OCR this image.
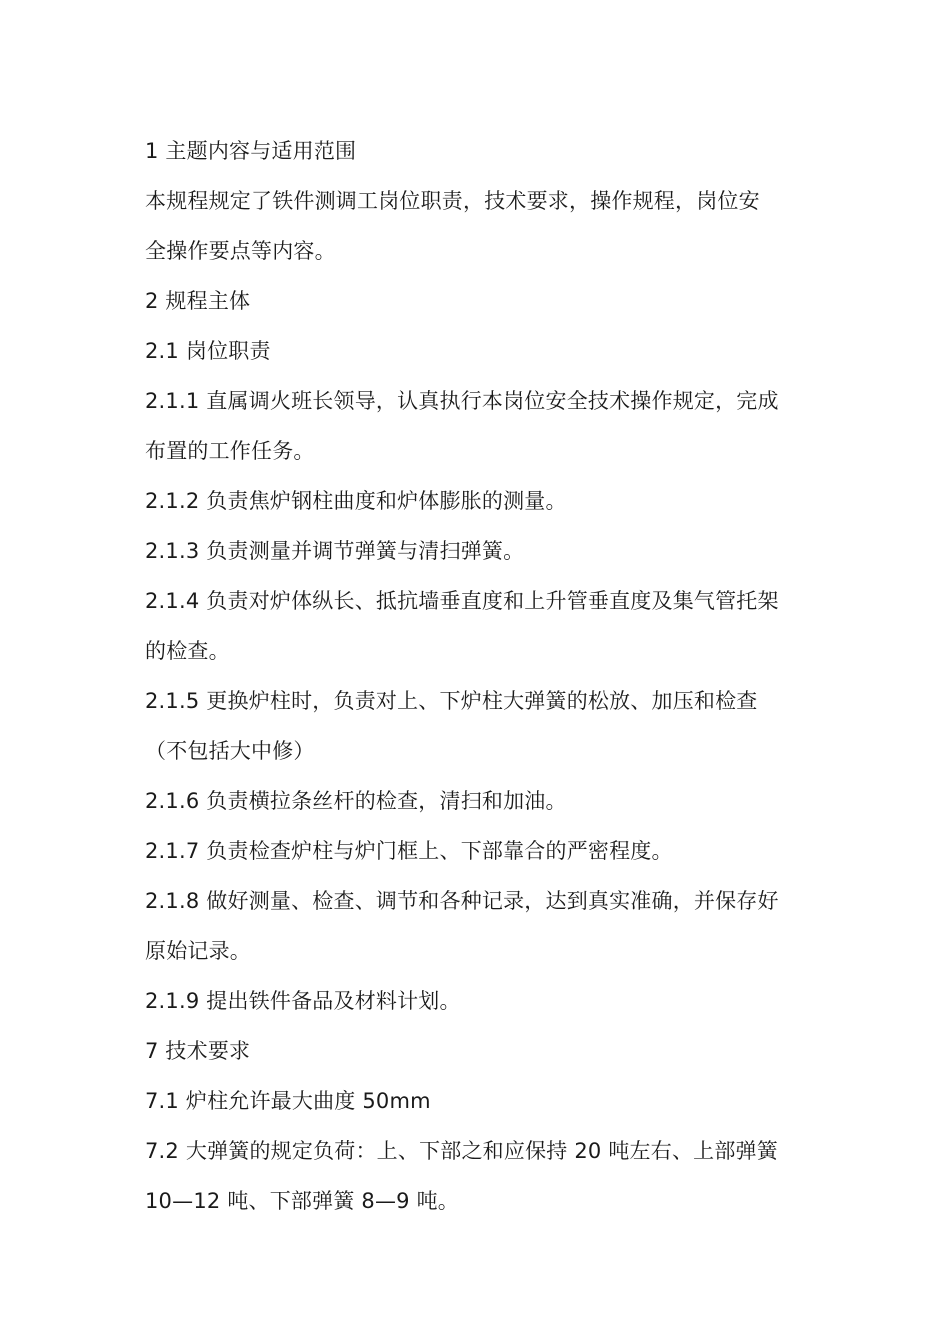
1 主题内容与适用范围
本规程规定了铁件测调工岗位职责，技术要求，操作规程，岗位安
全操作要点等内容。
2 规程主体
2.1 岗位职责
2.1.1 直属调火班长领导，认真执行本岗位安全技术操作规定，完成
布置的工作任务。
2.1.2 负责焦炉钢柱曲度和炉体膨胀的测量。
2.1.3 负责测量并调节弹簧与清扫弹簧。
2.1.4 负责对炉体纵长、抵抗墙垂直度和上升管垂直度及集气管托架
的检查。
2.1.5 更换炉柱时，负责对上、下炉柱大弹簧的松放、加压和检查
（不包括大中修）
2.1.6 负责横拉条丝杆的检查，清扫和加油。
2.1.7 负责检查炉柱与炉门框上、下部靠合的严密程度。
2.1.8 做好测量、检查、调节和各种记录，达到真实准确，并保存好
原始记录。
2.1.9 提出铁件备品及材料计划。
7 技术要求
7.1 炉柱允许最大曲度 50mm
7.2 大弹簧的规定负荷：上、下部之和应保持 20 吨左右、上部弹簧
10—12 吨、下部弹簧 8—9 吨。
